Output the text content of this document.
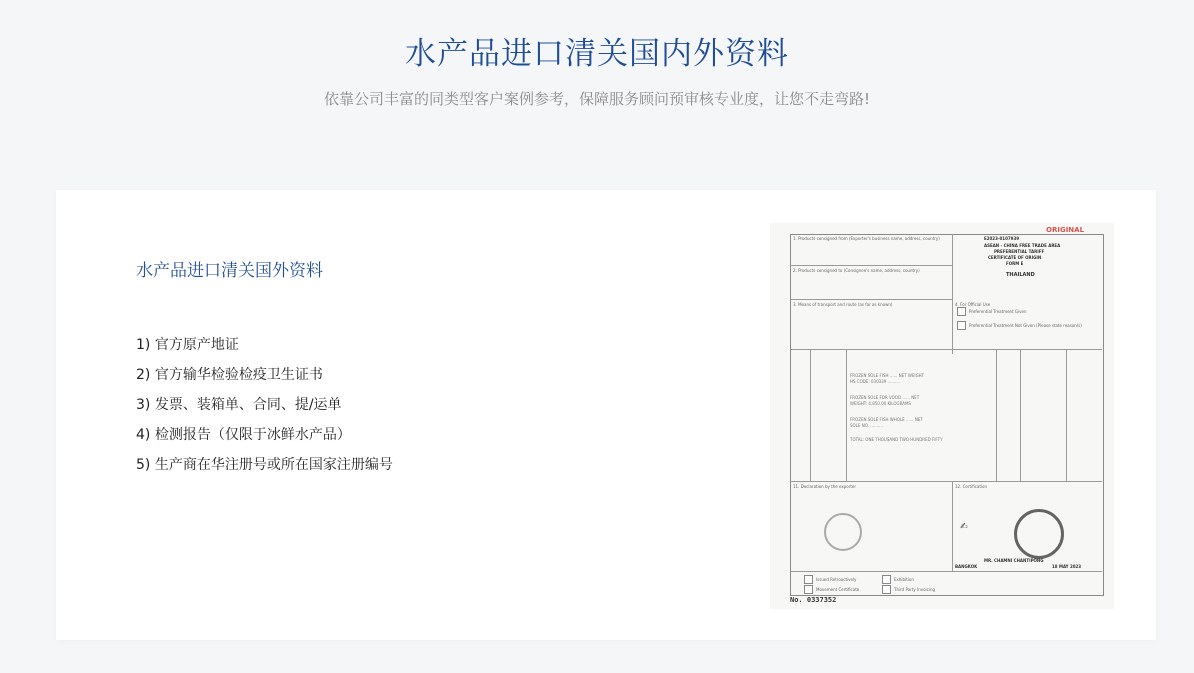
水产品进口清关国内外资料
依靠公司丰富的同类型客户案例参考，保障服务顾问预审核专业度，让您不走弯路!
水产品进口清关国外资料
1) 官方原产地证
2) 官方输华检验检疫卫生证书
3) 发票、装箱单、合同、提/运单
4) 检测报告（仅限于冰鲜水产品）
5) 生产商在华注册号或所在国家注册编号
ORIGINAL
1. Products consigned from (Exporter's business name, address, country)	E2023-0107939
ASEAN - CHINA FREE TRADE AREA
PREFERENTIAL TARIFF
CERTIFICATE OF ORIGIN
FORM E
THAILAND
2. Products consigned to (Consignee's name, address, country)
3. Means of transport and route (as far as known)	4. For Official Use
Preferential Treatment Given
Preferential Treatment Not Given (Please state reason/s)
FROZEN SOLE FISH ...... NET WEIGHT
HS CODE: 030339 ..........
FROZEN SOLE FOR VOOD ...... NET
WEIGHT: 4,850.00 KILOGRAMS
FROZEN SOLE FISH WHOLE ...... NET
SOLE NO. ..........
TOTAL: ONE THOUSAND TWO HUNDRED FIFTY
11. Declaration by the exporter	12. Certification
✍
MR. CHAMNI CHANTIPONG
BANGKOK	18 MAY 2023
Issued Retroactively	Exhibition
Movement Certificate	Third Party Invoicing
No. 0337352
